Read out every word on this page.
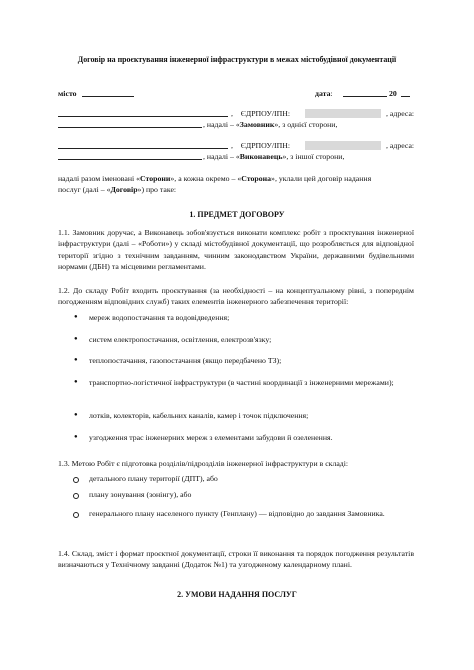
Договір на проєктування інженерної інфраструктури в межах містобудівної документації
місто	дата:	20
,    ЄДРПОУ/ІПН:	, адреса:
, надалі – «Замовник», з однієї сторони,
,    ЄДРПОУ/ІПН:	, адреса:
, надалі – «Виконавець», з іншої сторони,
надалі разом іменовані «Сторони», а кожна окремо – «Сторона», уклали цей договір надання
послуг (далі – «Договір») про таке:
1. ПРЕДМЕТ ДОГОВОРУ
1.1. Замовник доручає, а Виконавець зобов'язується виконати комплекс робіт з проєктування інженерної інфраструктури (далі – «Роботи») у складі містобудівної документації, що розробляється для відповідної території згідно з технічним завданням, чинним законодавством України, державними будівельними нормами (ДБН) та місцевими регламентами.
1.2. До складу Робіт входить проєктування (за необхідності – на концептуальному рівні, з попереднім погодженням відповідних служб) таких елементів інженерного забезпечення території:
● мереж водопостачання та водовідведення;
● систем електропостачання, освітлення, електрозв'язку;
● теплопостачання, газопостачання (якщо передбачено ТЗ);
● транспортно-логістичної інфраструктури (в частині координації з інженерними мережами);
● лотків, колекторів, кабельних каналів, камер і точок підключення;
● узгодження трас інженерних мереж з елементами забудови й озеленення.
1.3. Метою Робіт є підготовка розділів/підрозділів інженерної інфраструктури в складі:
детального плану території (ДПТ), або
плану зонування (зонінгу), або
генерального плану населеного пункту (Генплану) — відповідно до завдання Замовника.
1.4. Склад, зміст і формат проєктної документації, строки її виконання та порядок погодження результатів визначаються у Технічному завданні (Додаток №1) та узгодженому календарному плані.
2. УМОВИ НАДАННЯ ПОСЛУГ
